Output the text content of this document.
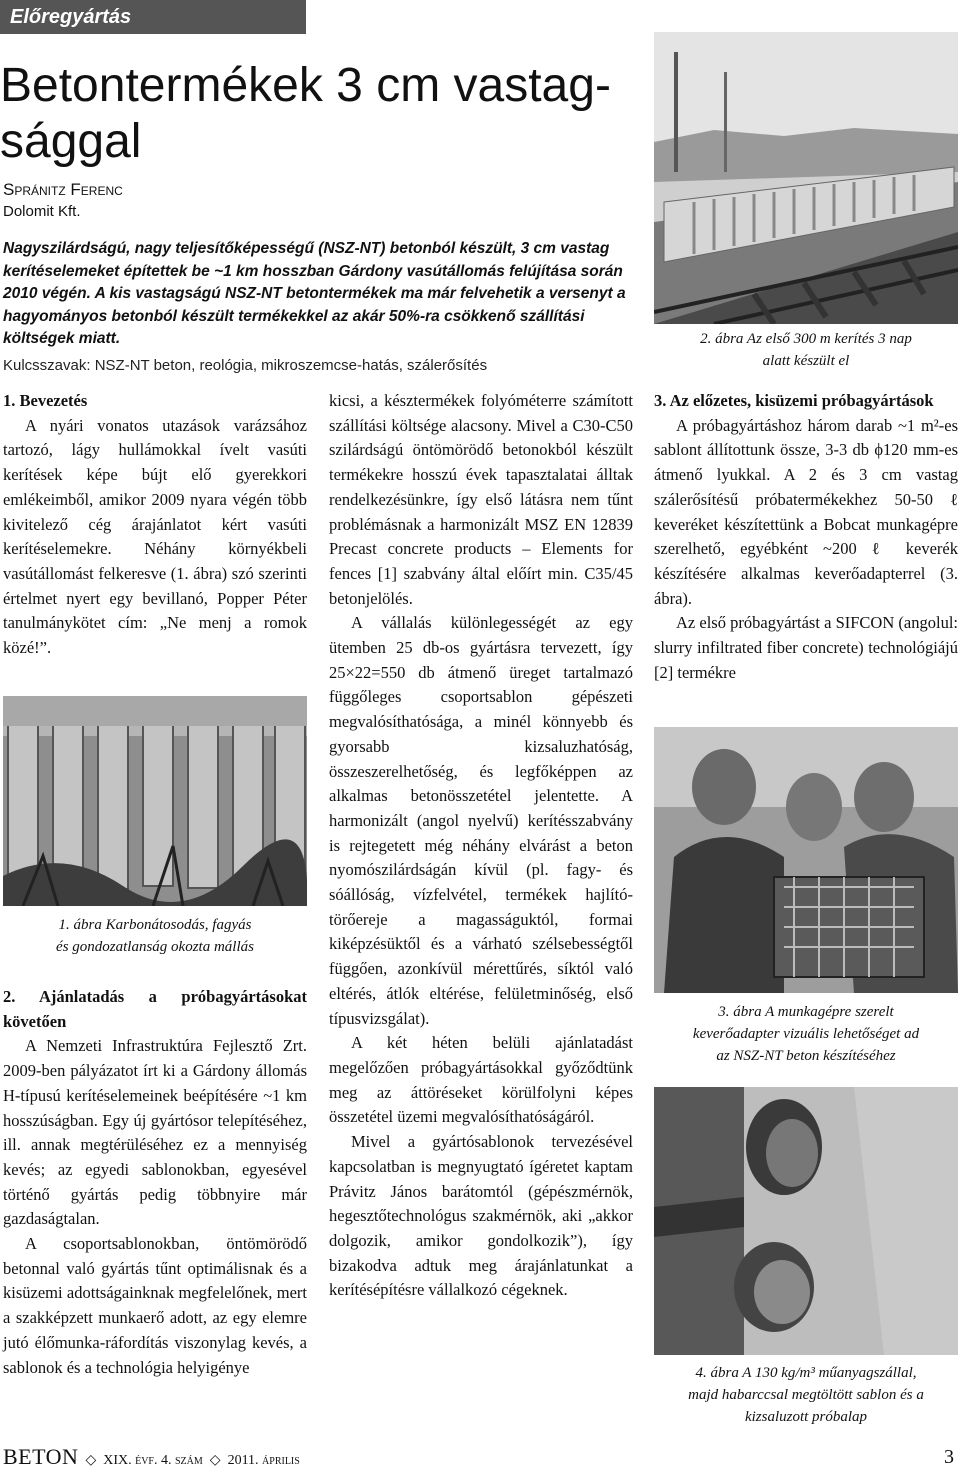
Előregyártás
Betontermékek 3 cm vastag-
sággal
Spránitz Ferenc
Dolomit Kft.

Nagyszilárdságú, nagy teljesítőképességű (NSZ-NT) betonból készült, 3 cm vastag kerítéselemeket építettek be ~1 km hosszban Gárdony vasútállomás felújítása során 2010 végén. A kis vastagságú NSZ-NT betontermékek ma már felvehetik a versenyt a hagyományos betonból készült termékekkel az akár 50%-ra csökkenő szállítási költségek miatt.

Kulcsszavak: NSZ-NT beton, reológia, mikroszemcse-hatás, szálerősítés
2. ábra Az első 300 m kerítés 3 nap
alatt készült el
1. Bevezetés

A nyári vonatos utazások varázsához tartozó, lágy hullámokkal ívelt vasúti kerítések képe bújt elő gyerekkori emlékeimből, amikor 2009 nyara végén több kivitelező cég árajánlatot kért vasúti kerítéselemekre. Néhány környékbeli vasútállomást felkeresve (1. ábra) szó szerinti értelmet nyert egy bevillanó, Popper Péter tanulmánykötet cím: „Ne menj a romok közé!”.

1. ábra Karbonátosodás, fagyás
és gondozatlanság okozta mállás
2. Ajánlatadás a próbagyártásokat követően

A Nemzeti Infrastruktúra Fejlesztő Zrt. 2009-ben pályázatot írt ki a Gárdony állomás H-típusú kerítéselemeinek beépítésére ~1 km hosszúságban. Egy új gyártósor telepítéséhez, ill. annak megtérüléséhez ez a mennyiség kevés; az egyedi sablonokban, egyesével történő gyártás pedig többnyire már gazdaságtalan.

A csoportsablonokban, öntömörödő betonnal való gyártás tűnt optimálisnak és a kisüzemi adottságainknak megfelelőnek, mert a szakképzett munkaerő adott, az egy elemre jutó élőmunka-ráfordítás viszonylag kevés, a sablonok és a technológia helyigénye

kicsi, a késztermékek folyóméterre számított szállítási költsége alacsony. Mivel a C30-C50 szilárdságú öntömörödő betonokból készült termékekre hosszú évek tapasztalatai álltak rendelkezésünkre, így első látásra nem tűnt problémásnak a harmonizált MSZ EN 12839 Precast concrete products – Elements for fences [1] szabvány által előírt min. C35/45 betonjelölés.

A vállalás különlegességét az egy ütemben 25 db-os gyártásra tervezett, így 25×22=550 db átmenő üreget tartalmazó függőleges csoportsablon gépészeti megvalósíthatósága, a minél könnyebb és gyorsabb kizsaluzhatóság, összeszerelhetőség, és legfőképpen az alkalmas betonösszetétel jelentette. A harmonizált (angol nyelvű) kerítésszabvány is rejtegetett még néhány elvárást a beton nyomószilárdságán kívül (pl. fagy- és sóállóság, vízfelvétel, termékek hajlító-törőereje a magasságuktól, formai kiképzésüktől és a várható szélsebességtől függően, azonkívül mérettűrés, síktól való eltérés, átlók eltérése, felületminőség, első típusvizsgálat).

A két héten belüli ajánlatadást megelőzően próbagyártásokkal győződtünk meg az áttöréseket körülfolyni képes összetétel üzemi megvalósíthatóságáról.

Mivel a gyártósablonok tervezésével kapcsolatban is megnyugtató ígéretet kaptam Právitz János barátomtól (gépészmérnök, hegesztőtechnológus szakmérnök, aki „akkor dolgozik, amikor gondolkozik”), így bizakodva adtuk meg árajánlatunkat a kerítésépítésre vállalkozó cégeknek.

3. Az előzetes, kisüzemi próbagyártások

A próbagyártáshoz három darab ~1 m²-es sablont állítottunk össze, 3-3 db ϕ120 mm-es átmenő lyukkal. A 2 és 3 cm vastag szálerősítésű próbatermékekhez 50-50 ℓ keveréket készítettünk a Bobcat munkagépre szerelhető, egyébként ~200 ℓ keverék készítésére alkalmas keverőadapterrel (3. ábra).

Az első próbagyártást a SIFCON (angolul: slurry infiltrated fiber concrete) technológiájú [2] termékre

3. ábra A munkagépre szerelt
keverőadapter vizuális lehetőséget ad
az NSZ-NT beton készítéséhez
4. ábra A 130 kg/m³ műanyagszállal,
majd habarccsal megtöltött sablon és a
kizsaluzott próbalap
BETON  ◇  XIX. évf. 4. szám  ◇  2011. április	3
